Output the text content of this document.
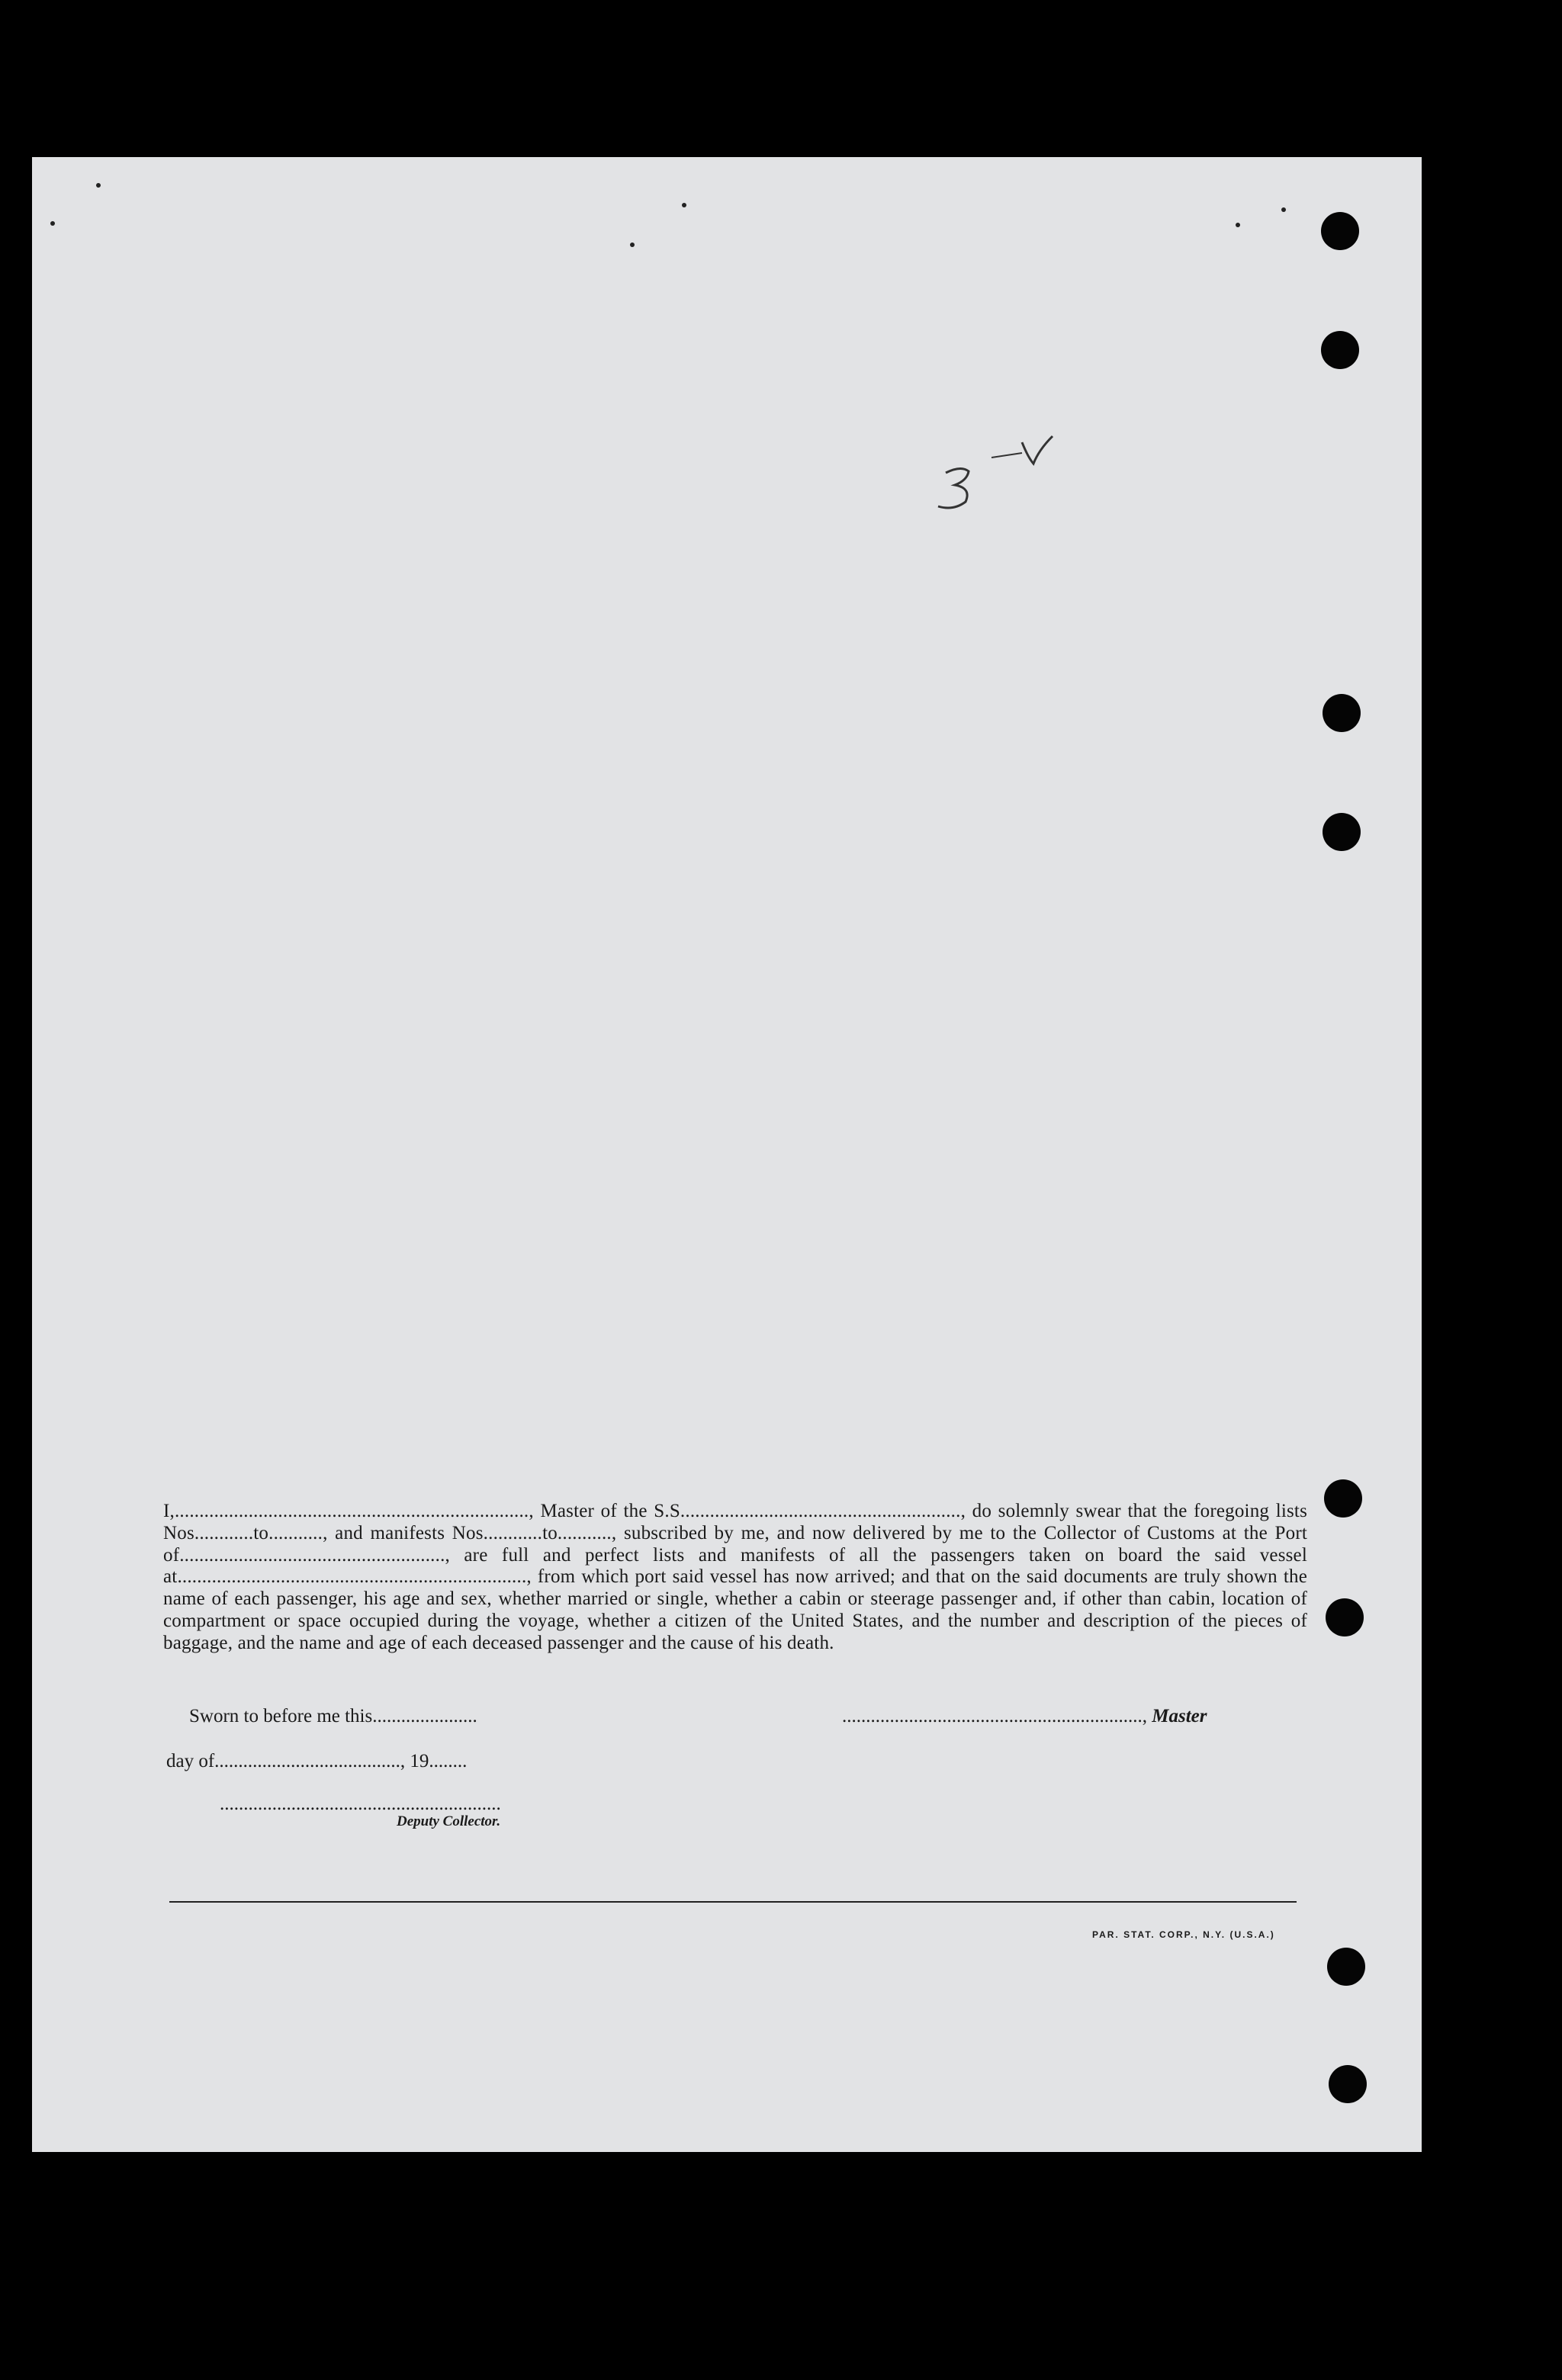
I,........................................................................, Master of the S.S........................................................., do solemnly swear that the foregoing lists Nos............to..........., and manifests Nos............to..........., subscribed by me, and now delivered by me to the Collector of Customs at the Port of......................................................, are full and perfect lists and manifests of all the passengers taken on board the said vessel at......................................................................., from which port said vessel has now arrived; and that on the said documents are truly shown the name of each passenger, his age and sex, whether married or single, whether a cabin or steerage passenger and, if other than cabin, location of compartment or space occupied during the voyage, whether a citizen of the United States, and the number and description of the pieces of baggage, and the name and age of each deceased passenger and the cause of his death.
Sworn to before me this......................	..............................................................., Master
day of......................................., 19........
...........................................................
Deputy Collector.
PAR. STAT. CORP., N.Y. (U.S.A.)
